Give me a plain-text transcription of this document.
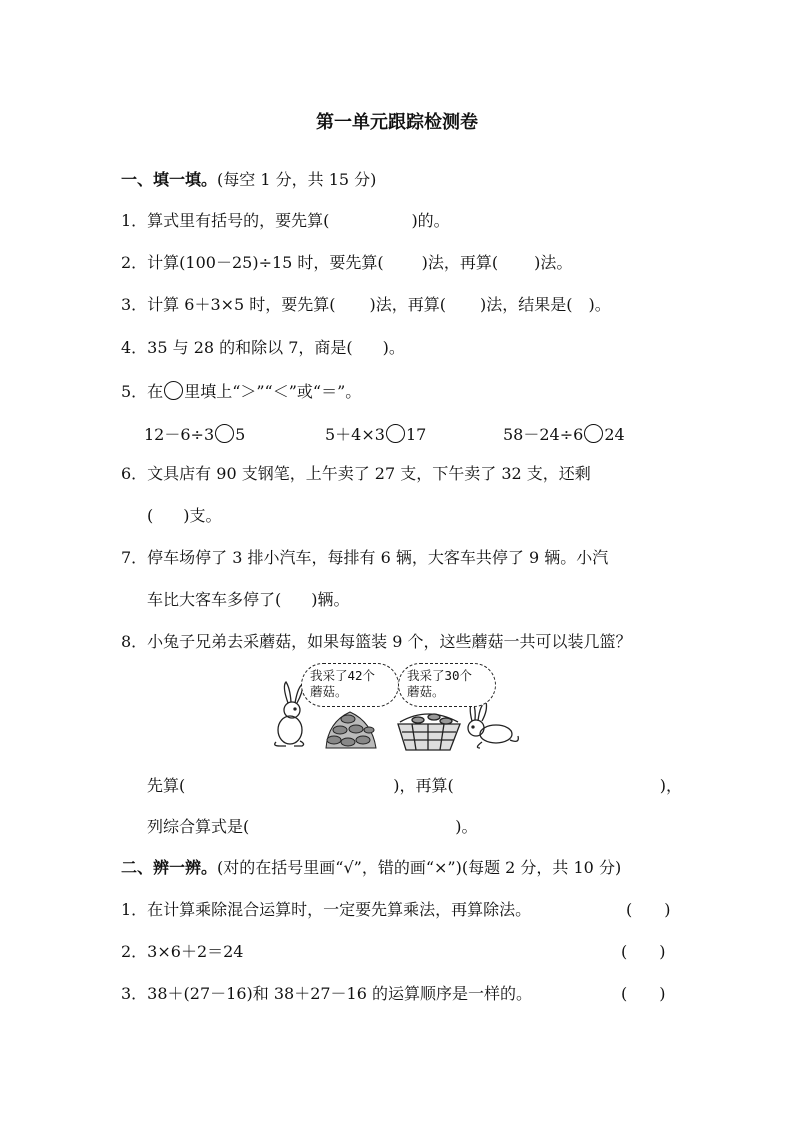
第一单元跟踪检测卷
一、填一填。(每空 1 分，共 15 分)
1．算式里有括号的，要先算(	)的。
2．计算(100－25)÷15 时，要先算( )法，再算( )法。
3．计算 6＋3×5 时，要先算( )法，再算( )法，结果是( )。
4．35 与 28 的和除以 7，商是( )。
5．在 里填上“＞”“＜”或“＝”。
12－6÷3 5	5＋4×3 17	58－24÷6 24
6．文具店有 90 支钢笔，上午卖了 27 支，下午卖了 32 支，还剩
( )支。
7．停车场停了 3 排小汽车，每排有 6 辆，大客车共停了 9 辆。小汽
车比大客车多停了( )辆。
8．小兔子兄弟去采蘑菇，如果每篮装 9 个，这些蘑菇一共可以装几篮？
我采了42个 蘑菇。
我采了30个 蘑菇。
先算(	)，再算(	)，
列综合算式是(	)。
二、辨一辨。(对的在括号里画“√”，错的画“×”)(每题 2 分，共 10 分)
1．在计算乘除混合运算时，一定要先算乘法，再算除法。	( )
2．3×6＋2＝24	( )
3．38＋(27－16)和 38＋27－16 的运算顺序是一样的。	( )
